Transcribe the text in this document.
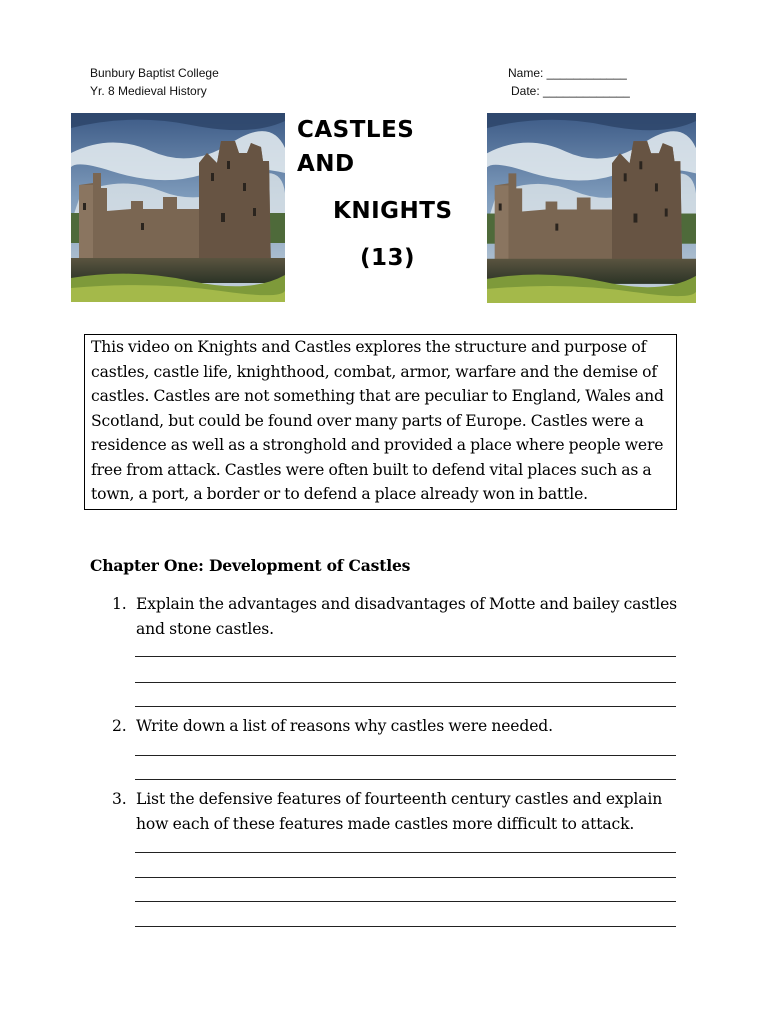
Bunbury Baptist College
Yr. 8 Medieval History
Name: ____________
Date: _____________
CASTLES
AND
KNIGHTS
(13)

This video on Knights and Castles explores the structure and purpose of castles, castle life, knighthood, combat, armor, warfare and the demise of castles. Castles are not something that are peculiar to England, Wales and Scotland, but could be found over many parts of Europe. Castles were a residence as well as a stronghold and provided a place where people were free from attack. Castles were often built to defend vital places such as a town, a port, a border or to defend a place already won in battle.

Chapter One: Development of Castles
1. Explain the advantages and disadvantages of Motte and bailey castles and stone castles.
2. Write down a list of reasons why castles were needed.
3. List the defensive features of fourteenth century castles and explain how each of these features made castles more difficult to attack.
